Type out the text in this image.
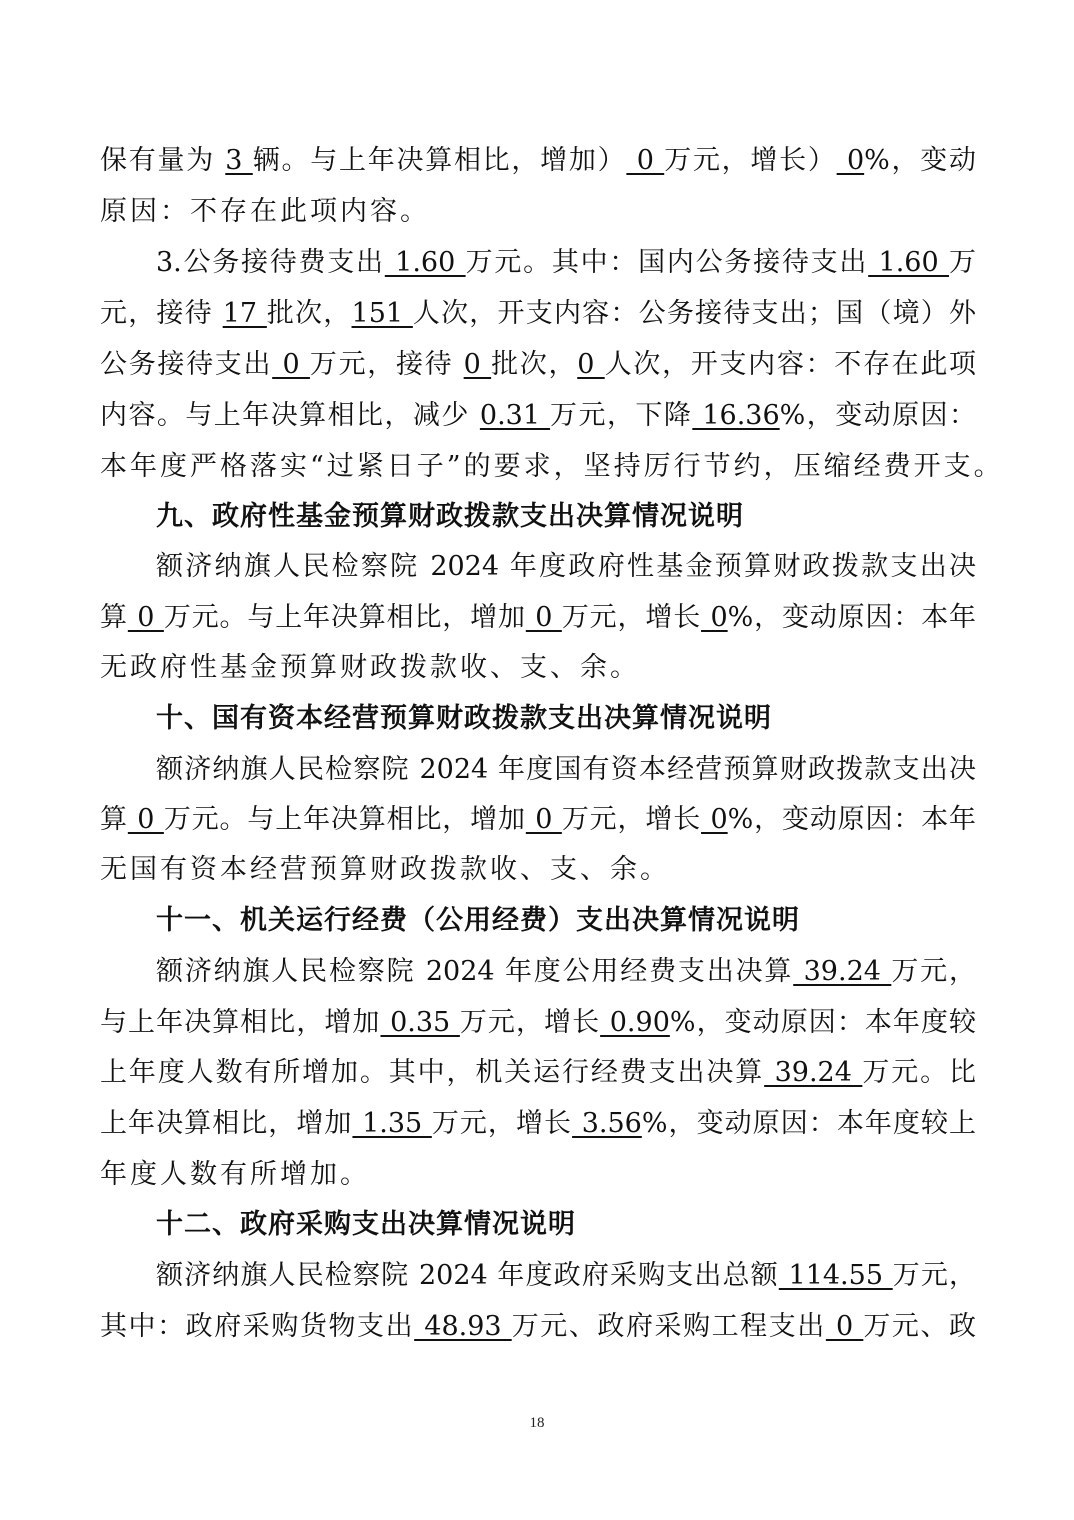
保有量为 3 辆。与上年决算相比，增加） 0 万元，增长） 0%，变动
原因：不存在此项内容。
3.公务接待费支出 1.60 万元。其中：国内公务接待支出 1.60 万
元，接待 17 批次，151 人次，开支内容：公务接待支出；国（境）外
公务接待支出 0 万元，接待 0 批次，0 人次，开支内容：不存在此项
内容。与上年决算相比，减少 0.31 万元，下降 16.36%，变动原因：
本年度严格落实“过紧日子”的要求，坚持厉行节约，压缩经费开支。
九、政府性基金预算财政拨款支出决算情况说明
额济纳旗人民检察院 2024 年度政府性基金预算财政拨款支出决
算 0 万元。与上年决算相比，增加 0 万元，增长 0%，变动原因：本年
无政府性基金预算财政拨款收、支、余。
十、国有资本经营预算财政拨款支出决算情况说明
额济纳旗人民检察院 2024 年度国有资本经营预算财政拨款支出决
算 0 万元。与上年决算相比，增加 0 万元，增长 0%，变动原因：本年
无国有资本经营预算财政拨款收、支、余。
十一、机关运行经费（公用经费）支出决算情况说明
额济纳旗人民检察院 2024 年度公用经费支出决算 39.24 万元，
与上年决算相比，增加 0.35 万元，增长 0.90%，变动原因：本年度较
上年度人数有所增加。其中，机关运行经费支出决算 39.24 万元。比
上年决算相比，增加 1.35 万元，增长 3.56%，变动原因：本年度较上
年度人数有所增加。
十二、政府采购支出决算情况说明
额济纳旗人民检察院 2024 年度政府采购支出总额 114.55 万元，
其中：政府采购货物支出 48.93 万元、政府采购工程支出 0 万元、政
18
